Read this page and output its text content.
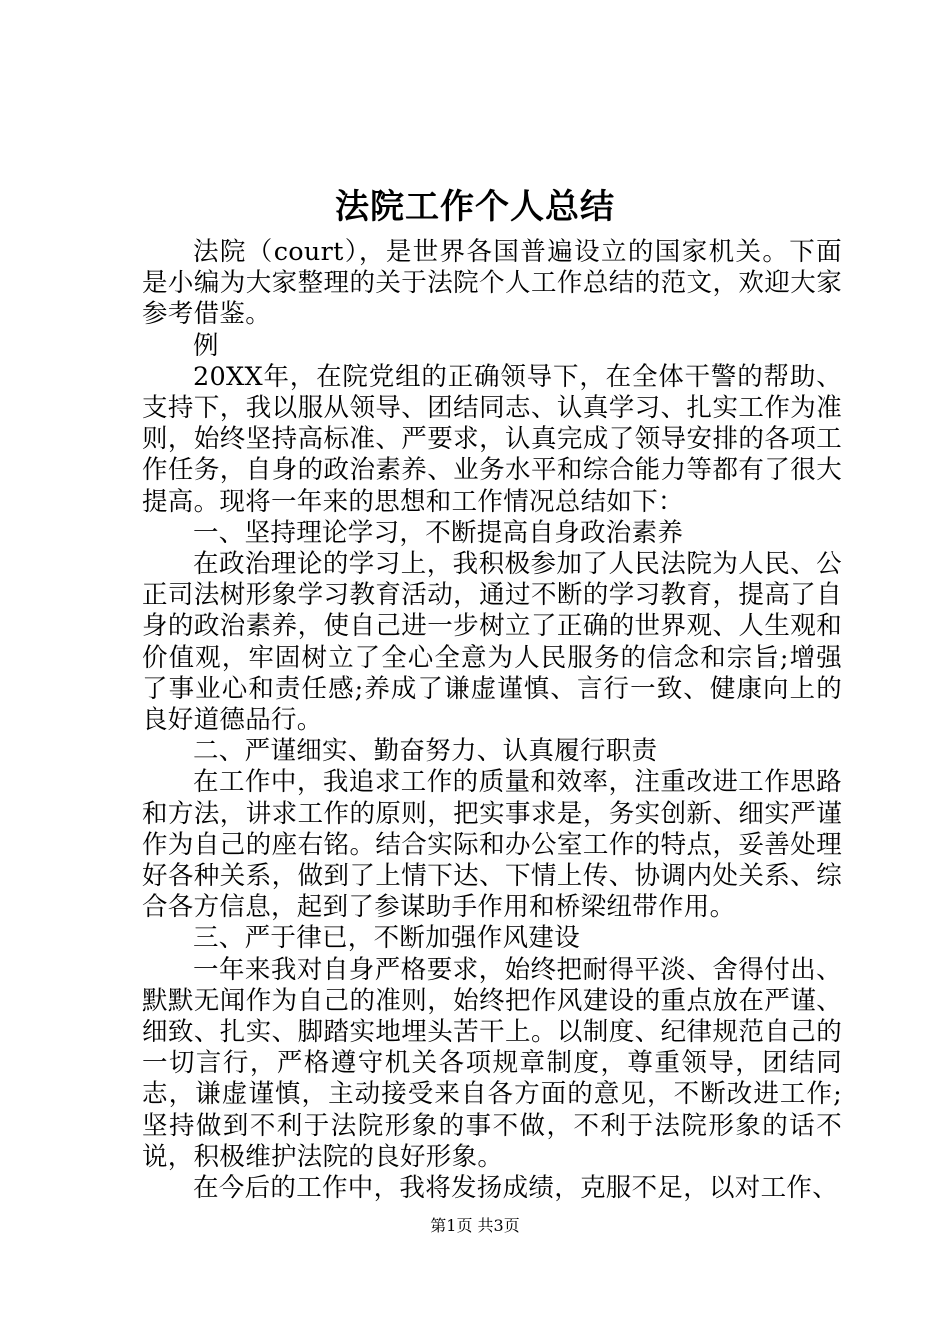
法院工作个人总结

法院（court），是世界各国普遍设立的国家机关。下面是小编为大家整理的关于法院个人工作总结的范文，欢迎大家参考借鉴。

例

20XX年，在院党组的正确领导下，在全体干警的帮助、支持下，我以服从领导、团结同志、认真学习、扎实工作为准则，始终坚持高标准、严要求，认真完成了领导安排的各项工作任务，自身的政治素养、业务水平和综合能力等都有了很大提高。现将一年来的思想和工作情况总结如下：

一、坚持理论学习，不断提高自身政治素养

在政治理论的学习上，我积极参加了人民法院为人民、公正司法树形象学习教育活动，通过不断的学习教育，提高了自身的政治素养，使自己进一步树立了正确的世界观、人生观和价值观，牢固树立了全心全意为人民服务的信念和宗旨;增强了事业心和责任感;养成了谦虚谨慎、言行一致、健康向上的良好道德品行。

二、严谨细实、勤奋努力、认真履行职责

在工作中，我追求工作的质量和效率，注重改进工作思路和方法，讲求工作的原则，把实事求是，务实创新、细实严谨作为自己的座右铭。结合实际和办公室工作的特点，妥善处理好各种关系，做到了上情下达、下情上传、协调内处关系、综合各方信息，起到了参谋助手作用和桥梁纽带作用。

三、严于律已，不断加强作风建设

一年来我对自身严格要求，始终把耐得平淡、舍得付出、默默无闻作为自己的准则，始终把作风建设的重点放在严谨、细致、扎实、脚踏实地埋头苦干上。以制度、纪律规范自己的一切言行，严格遵守机关各项规章制度，尊重领导，团结同志，谦虚谨慎，主动接受来自各方面的意见，不断改进工作;坚持做到不利于法院形象的事不做，不利于法院形象的话不说，积极维护法院的良好形象。

在今后的工作中，我将发扬成绩，克服不足，以对工作、

第1页 共3页
